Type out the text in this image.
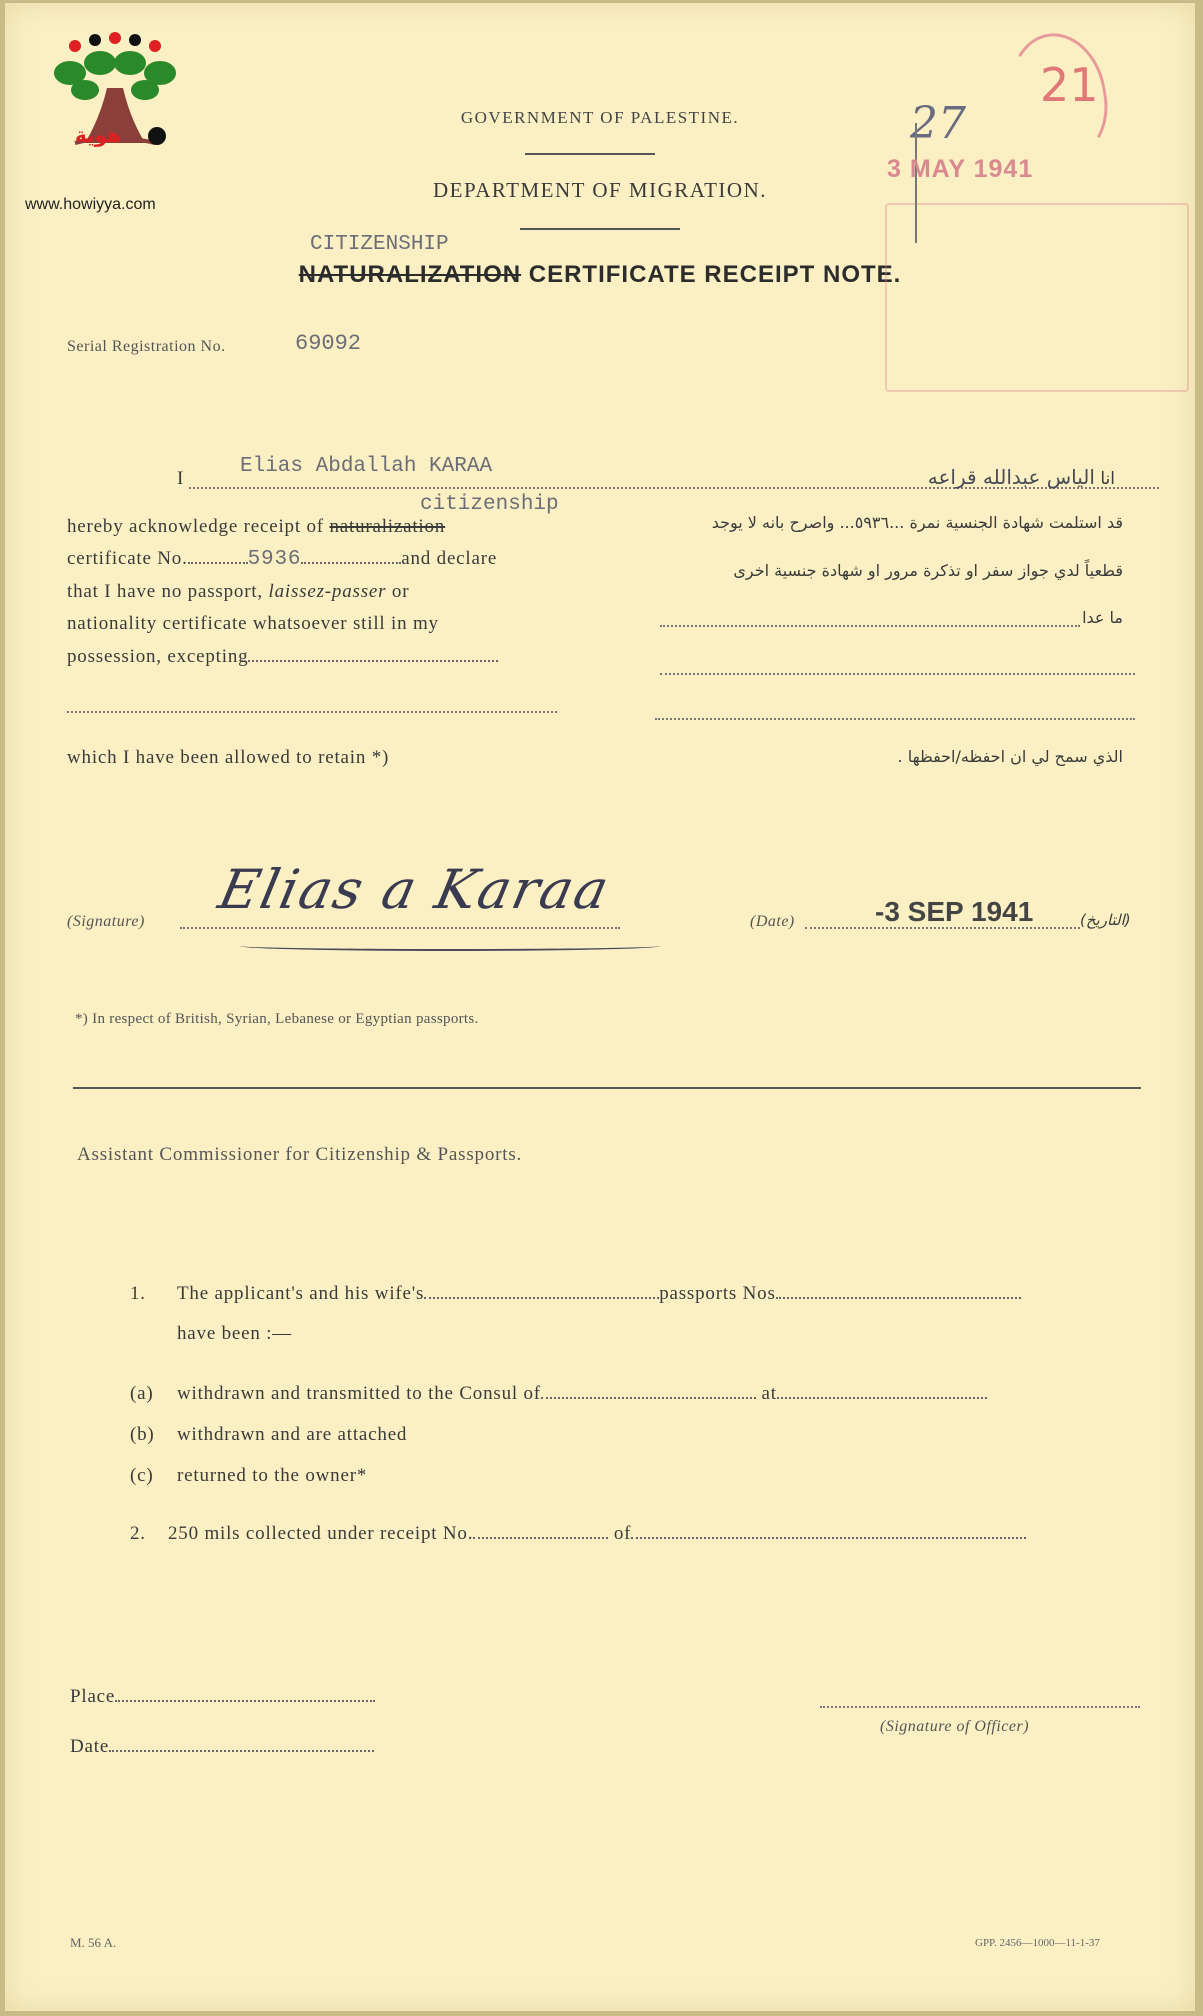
هوية
www.howiyya.com
GOVERNMENT OF PALESTINE.
DEPARTMENT OF MIGRATION.
CITIZENSHIP
NATURALIZATION CERTIFICATE RECEIPT NOTE.
27
3 MAY 1941
21
Serial Registration No.	69092
I
Elias Abdallah KARAA
citizenship
hereby acknowledge receipt of naturalization
certificate No.	5936	and declare
that I have no passport, laissez-passer or
nationality certificate whatsoever still in my
possession, excepting
which I have been allowed to retain *)
انا الياس عبدالله قراعه
قد استلمت شهادة الجنسية نمرة ...٥٩٣٦... واصرح بانه لا يوجد
قطعياً لدي جواز سفر او تذكرة مرور او شهادة جنسية اخرى
ما عدا
الذي سمح لي ان احفظه/احفظها .
(Signature)
Elias a Karaa
(Date)	-3 SEP 1941	(التاريخ)
*) In respect of British, Syrian, Lebanese or Egyptian passports.
Assistant Commissioner for Citizenship & Passports.
1. The applicant's and his wife's	passports Nos
have been :—
(a) withdrawn and transmitted to the Consul of	at
(b) withdrawn and are attached
(c) returned to the owner*
2. 250 mils collected under receipt No.	of
Place
Date
(Signature of Officer)
M. 56 A.	GPP. 2456—1000—11-1-37
